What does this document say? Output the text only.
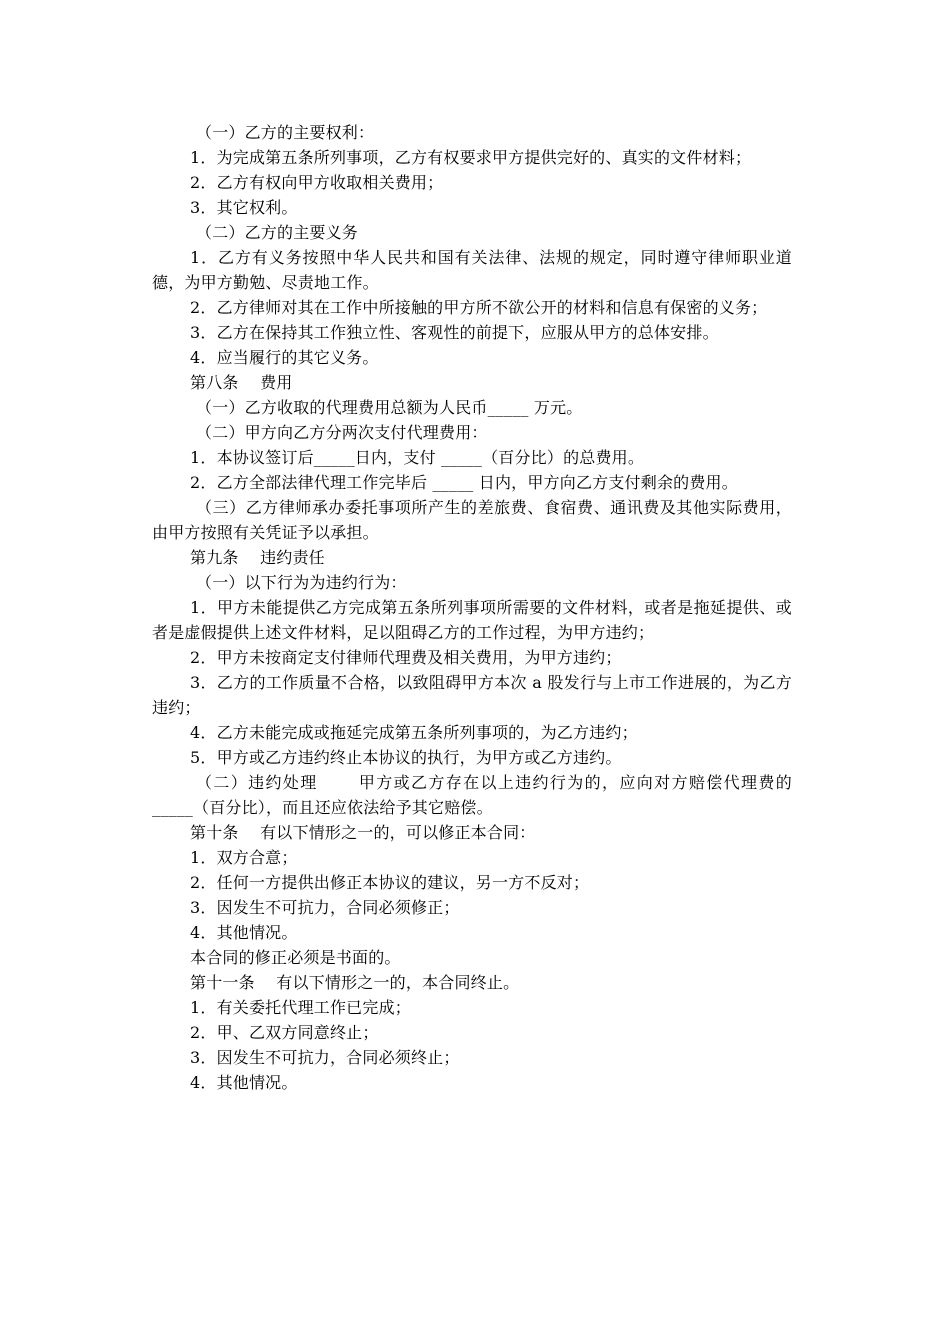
（一）乙方的主要权利：

1．为完成第五条所列事项，乙方有权要求甲方提供完好的、真实的文件材料；

2．乙方有权向甲方收取相关费用；

3．其它权利。

（二）乙方的主要义务

1．乙方有义务按照中华人民共和国有关法律、法规的规定，同时遵守律师职业道德，为甲方勤勉、尽责地工作。

2．乙方律师对其在工作中所接触的甲方所不欲公开的材料和信息有保密的义务；

3．乙方在保持其工作独立性、客观性的前提下，应服从甲方的总体安排。

4．应当履行的其它义务。

第八条　 费用

（一）乙方收取的代理费用总额为人民币_____ 万元。

（二）甲方向乙方分两次支付代理费用：

1．本协议签订后_____日内，支付 _____（百分比）的总费用。

2．乙方全部法律代理工作完毕后 _____ 日内，甲方向乙方支付剩余的费用。

（三）乙方律师承办委托事项所产生的差旅费、食宿费、通讯费及其他实际费用，由甲方按照有关凭证予以承担。

第九条　 违约责任

（一）以下行为为违约行为：

1．甲方未能提供乙方完成第五条所列事项所需要的文件材料，或者是拖延提供、或者是虚假提供上述文件材料，足以阻碍乙方的工作过程，为甲方违约；

2．甲方未按商定支付律师代理费及相关费用，为甲方违约；

3．乙方的工作质量不合格，以致阻碍甲方本次 a 股发行与上市工作进展的，为乙方违约；

4．乙方未能完成或拖延完成第五条所列事项的，为乙方违约；

5．甲方或乙方违约终止本协议的执行，为甲方或乙方违约。

（二）违约处理　　 甲方或乙方存在以上违约行为的，应向对方赔偿代理费的_____（百分比），而且还应依法给予其它赔偿。

第十条　 有以下情形之一的，可以修正本合同：

1．双方合意；

2．任何一方提供出修正本协议的建议，另一方不反对；

3．因发生不可抗力，合同必须修正；

4．其他情况。

本合同的修正必须是书面的。

第十一条　 有以下情形之一的，本合同终止。

1．有关委托代理工作已完成；

2．甲、乙双方同意终止；

3．因发生不可抗力，合同必须终止；

4．其他情况。
